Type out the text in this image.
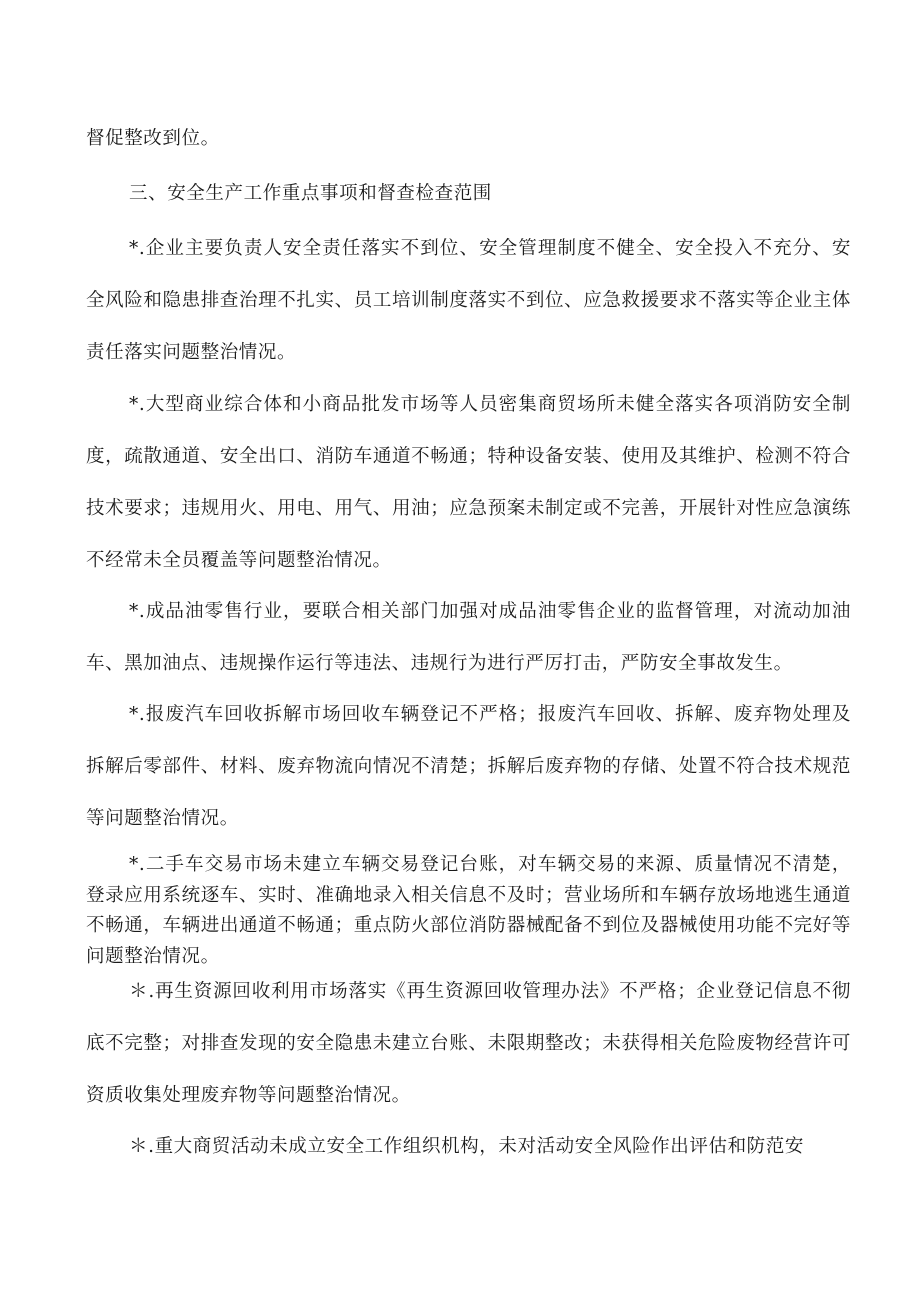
督促整改到位。

三、安全生产工作重点事项和督查检查范围

*.企业主要负责人安全责任落实不到位、安全管理制度不健全、安全投入不充分、安全风险和隐患排查治理不扎实、员工培训制度落实不到位、应急救援要求不落实等企业主体责任落实问题整治情况。

*.大型商业综合体和小商品批发市场等人员密集商贸场所未健全落实各项消防安全制度，疏散通道、安全出口、消防车通道不畅通；特种设备安装、使用及其维护、检测不符合技术要求；违规用火、用电、用气、用油；应急预案未制定或不完善，开展针对性应急演练不经常未全员覆盖等问题整治情况。

*.成品油零售行业，要联合相关部门加强对成品油零售企业的监督管理，对流动加油车、黑加油点、违规操作运行等违法、违规行为进行严厉打击，严防安全事故发生。

*.报废汽车回收拆解市场回收车辆登记不严格；报废汽车回收、拆解、废弃物处理及拆解后零部件、材料、废弃物流向情况不清楚；拆解后废弃物的存储、处置不符合技术规范等问题整治情况。

*.二手车交易市场未建立车辆交易登记台账，对车辆交易的来源、质量情况不清楚，登录应用系统逐车、实时、准确地录入相关信息不及时；营业场所和车辆存放场地逃生通道不畅通，车辆进出通道不畅通；重点防火部位消防器械配备不到位及器械使用功能不完好等问题整治情况。

＊.再生资源回收利用市场落实《再生资源回收管理办法》不严格；企业登记信息不彻底不完整；对排查发现的安全隐患未建立台账、未限期整改；未获得相关危险废物经营许可资质收集处理废弃物等问题整治情况。

＊.重大商贸活动未成立安全工作组织机构，未对活动安全风险作出评估和防范安
